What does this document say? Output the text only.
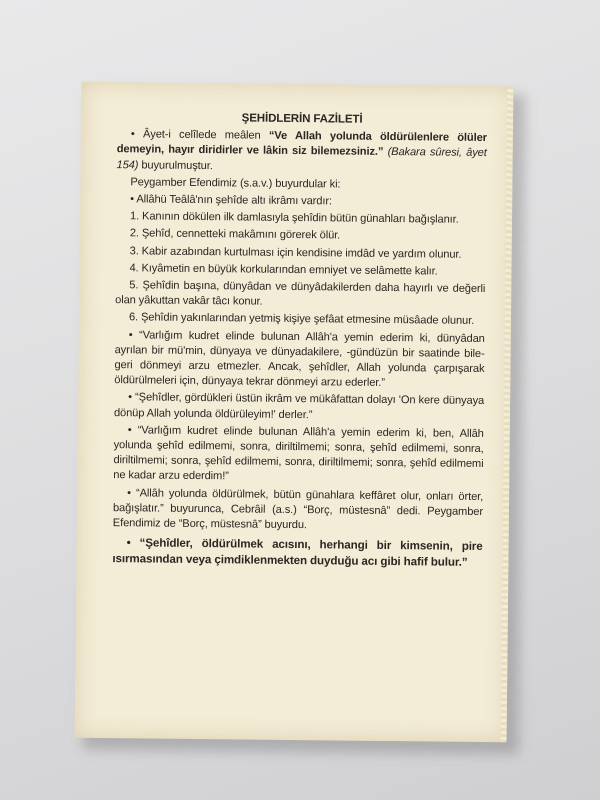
ŞEHİDLERİN FAZİLETİ

• Âyet-i celîlede meâlen “Ve Allah yolunda öldürülenlere ölüler demeyin, hayır diridirler ve lâkin siz bilemezsiniz.” (Bakara sûresi, âyet 154) buyurulmuştur.

Peygamber Efendimiz (s.a.v.) buyurdular ki:

• Allâhü Teâlâ'nın şehîde altı ikrâmı vardır:

1. Kanının dökülen ilk damlasıyla şehîdin bütün günahları bağışlanır.

2. Şehîd, cennetteki makâmını görerek ölür.

3. Kabir azabından kurtulması için kendisine imdâd ve yardım olunur.

4. Kıyâmetin en büyük korkularından emniyet ve selâmette kalır.

5. Şehîdin başına, dünyâdan ve dünyâdakilerden daha hayırlı ve değerli olan yâkuttan vakâr tâcı konur.

6. Şehîdin yakınlarından yetmiş kişiye şefâat etmesine müsâade olunur.

• “Varlığım kudret elinde bulunan Allâh'a yemin ederim ki, dünyâdan ayrılan bir mü'min, dünyaya ve dünyadakilere, -gündüzün bir saatinde bile- geri dönmeyi arzu etmezler. Ancak, şehîdler, Allah yolunda çarpışarak öldürülmeleri için, dünyaya tekrar dönmeyi arzu ederler.”

• “Şehîdler, gördükleri üstün ikrâm ve mükâfattan dolayı 'On kere dünyaya dönüp Allah yolunda öldürüleyim!' derler.”

• “Varlığım kudret elinde bulunan Allâh'a yemin ederim ki, ben, Allâh yolunda şehîd edilmemi, sonra, diriltilmemi; sonra, şehîd edilmemi, sonra, diriltilmemi; sonra, şehîd edilmemi, sonra, diriltilmemi; sonra, şehîd edilmemi ne kadar arzu ederdim!”

• “Allâh yolunda öldürülmek, bütün günahlara keffâret olur, onları örter, bağışlatır.” buyurunca, Cebrâil (a.s.) “Borç, müstesnâ” dedi. Peygamber Efendimiz de “Borç, müstesnâ” buyurdu.

• “Şehîdler, öldürülmek acısını, herhangi bir kimsenin, pire ısırmasından veya çimdiklenmekten duyduğu acı gibi hafif bulur.”
